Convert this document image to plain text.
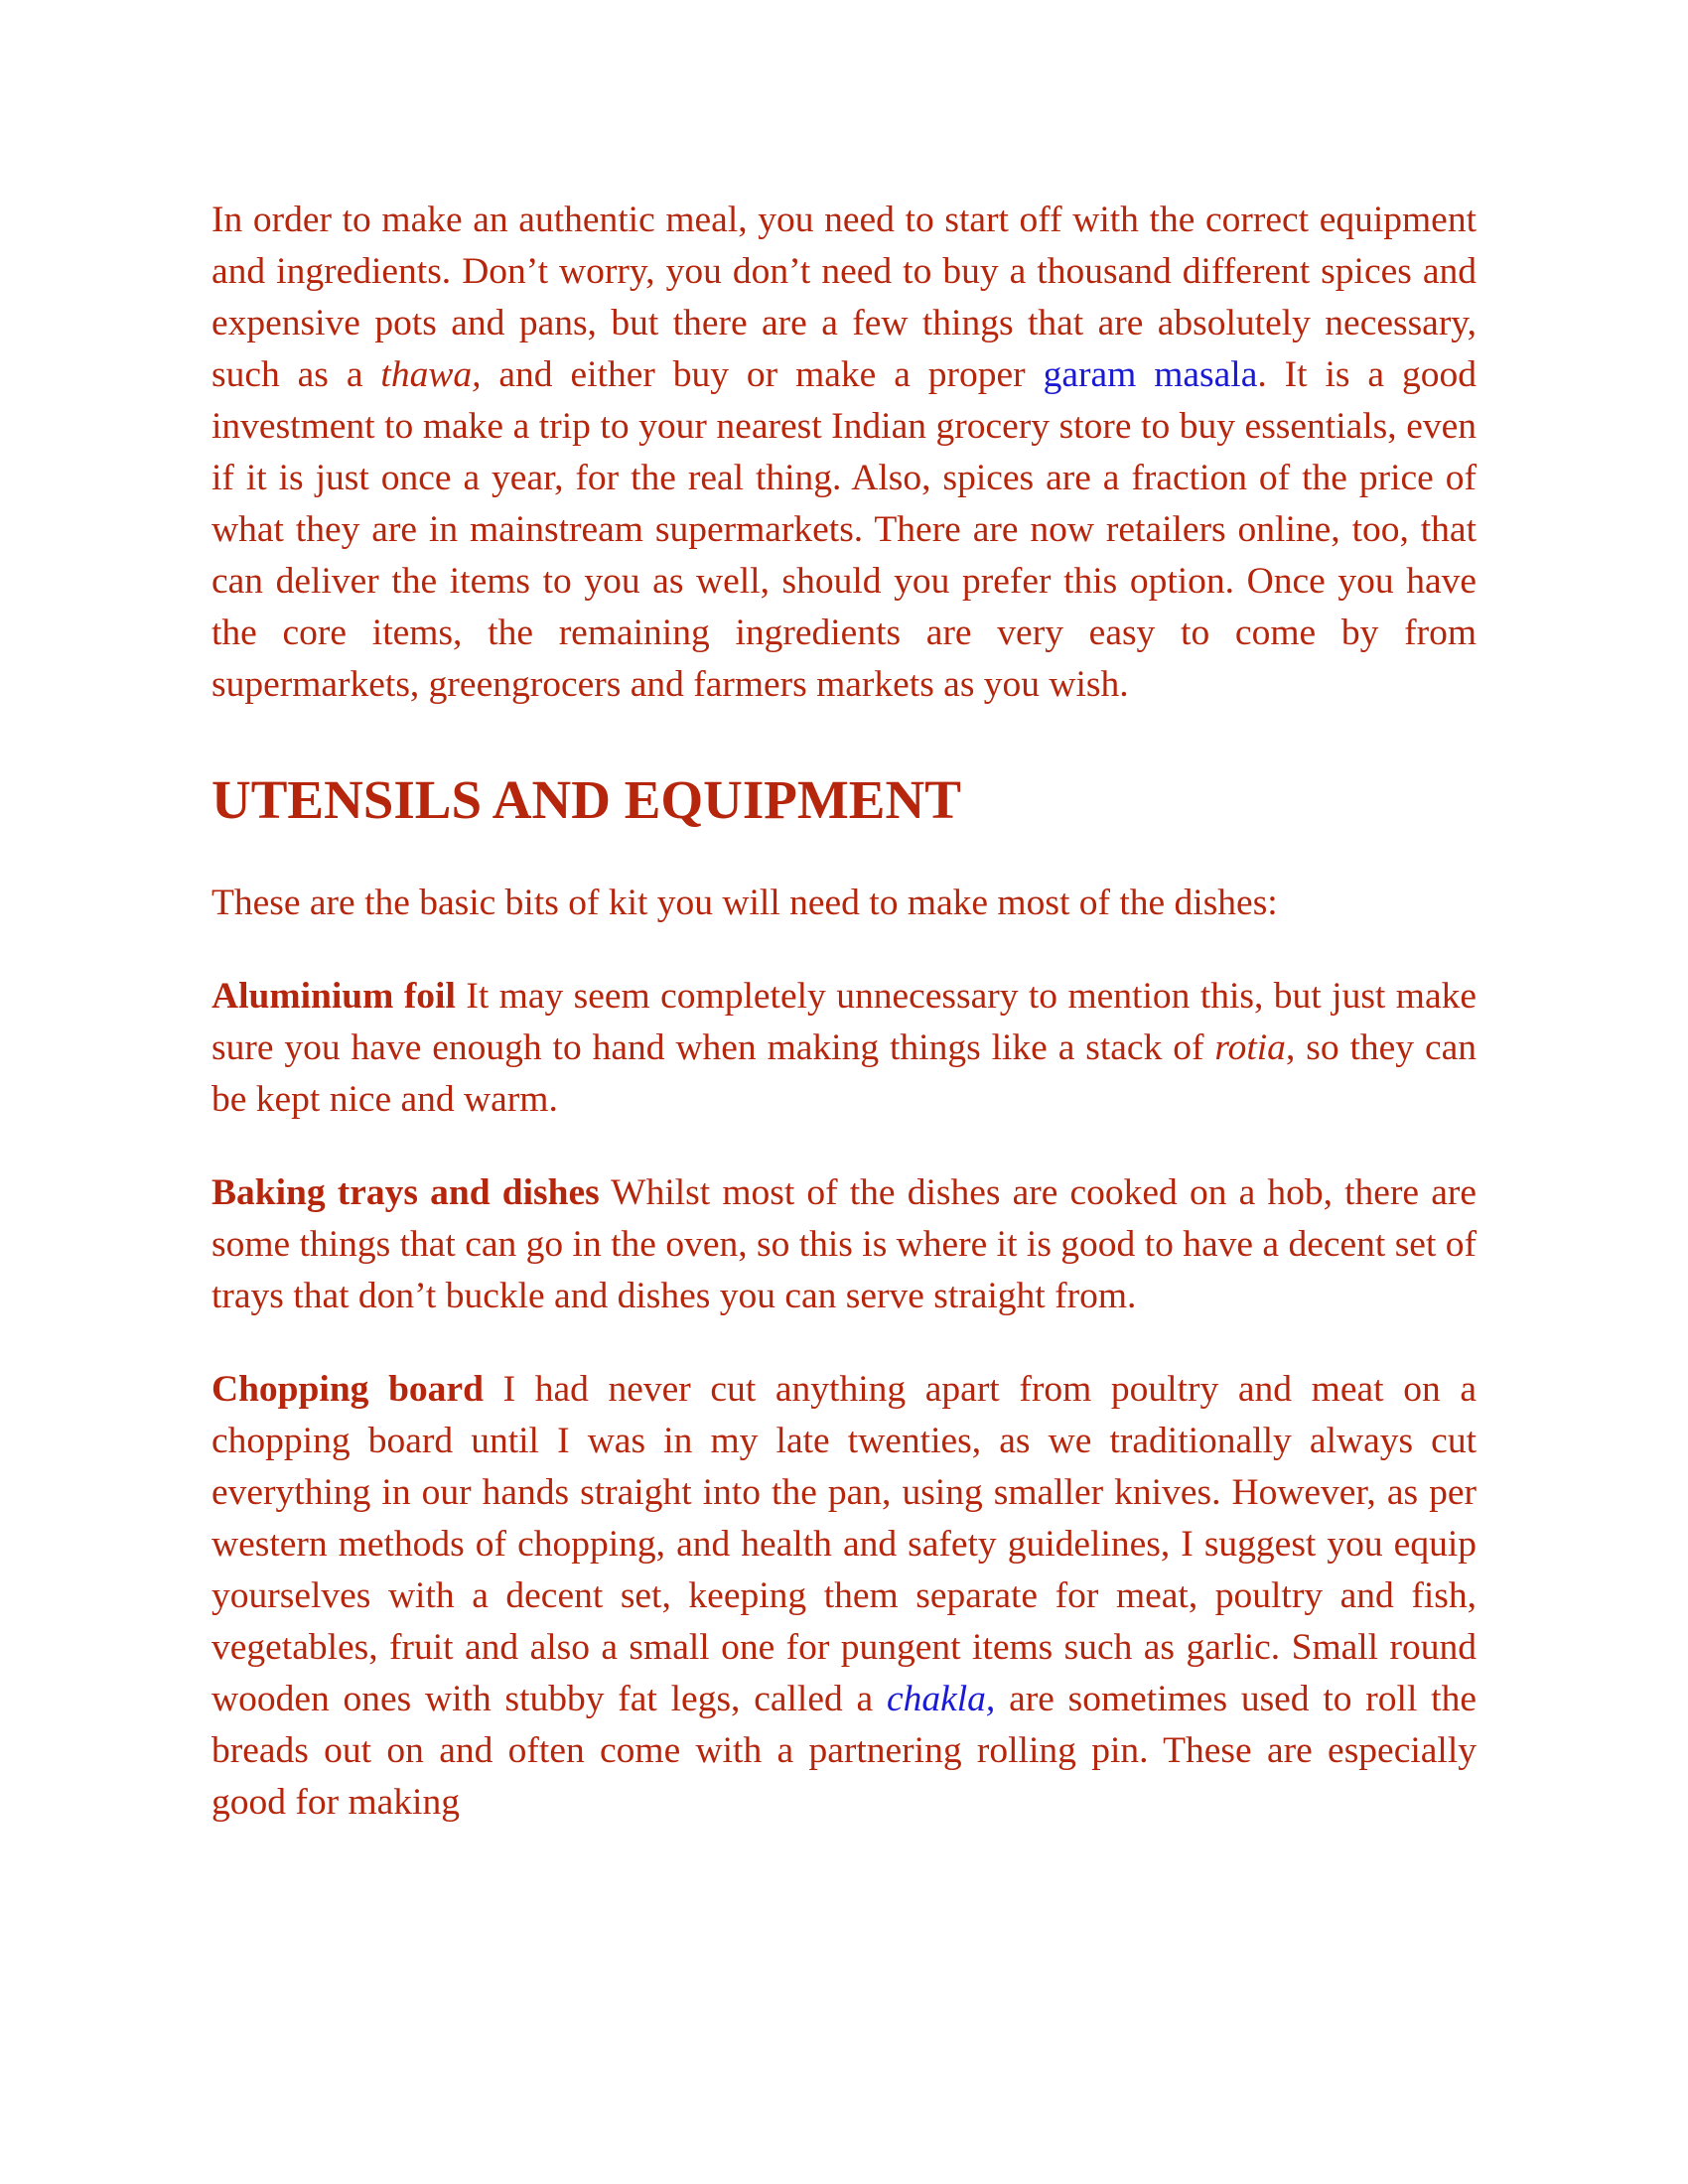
In order to make an authentic meal, you need to start off with the correct equipment and ingredients. Don’t worry, you don’t need to buy a thousand different spices and expensive pots and pans, but there are a few things that are absolutely necessary, such as a thawa, and either buy or make a proper garam masala. It is a good investment to make a trip to your nearest Indian grocery store to buy essentials, even if it is just once a year, for the real thing. Also, spices are a fraction of the price of what they are in mainstream supermarkets. There are now retailers online, too, that can deliver the items to you as well, should you prefer this option. Once you have the core items, the remaining ingredients are very easy to come by from supermarkets, greengrocers and farmers markets as you wish.

UTENSILS AND EQUIPMENT

These are the basic bits of kit you will need to make most of the dishes:

Aluminium foil It may seem completely unnecessary to mention this, but just make sure you have enough to hand when making things like a stack of rotia, so they can be kept nice and warm.

Baking trays and dishes Whilst most of the dishes are cooked on a hob, there are some things that can go in the oven, so this is where it is good to have a decent set of trays that don’t buckle and dishes you can serve straight from.

Chopping board I had never cut anything apart from poultry and meat on a chopping board until I was in my late twenties, as we traditionally always cut everything in our hands straight into the pan, using smaller knives. However, as per western methods of chopping, and health and safety guidelines, I suggest you equip yourselves with a decent set, keeping them separate for meat, poultry and fish, vegetables, fruit and also a small one for pungent items such as garlic. Small round wooden ones with stubby fat legs, called a chakla, are sometimes used to roll the breads out on and often come with a partnering rolling pin. These are especially good for making
